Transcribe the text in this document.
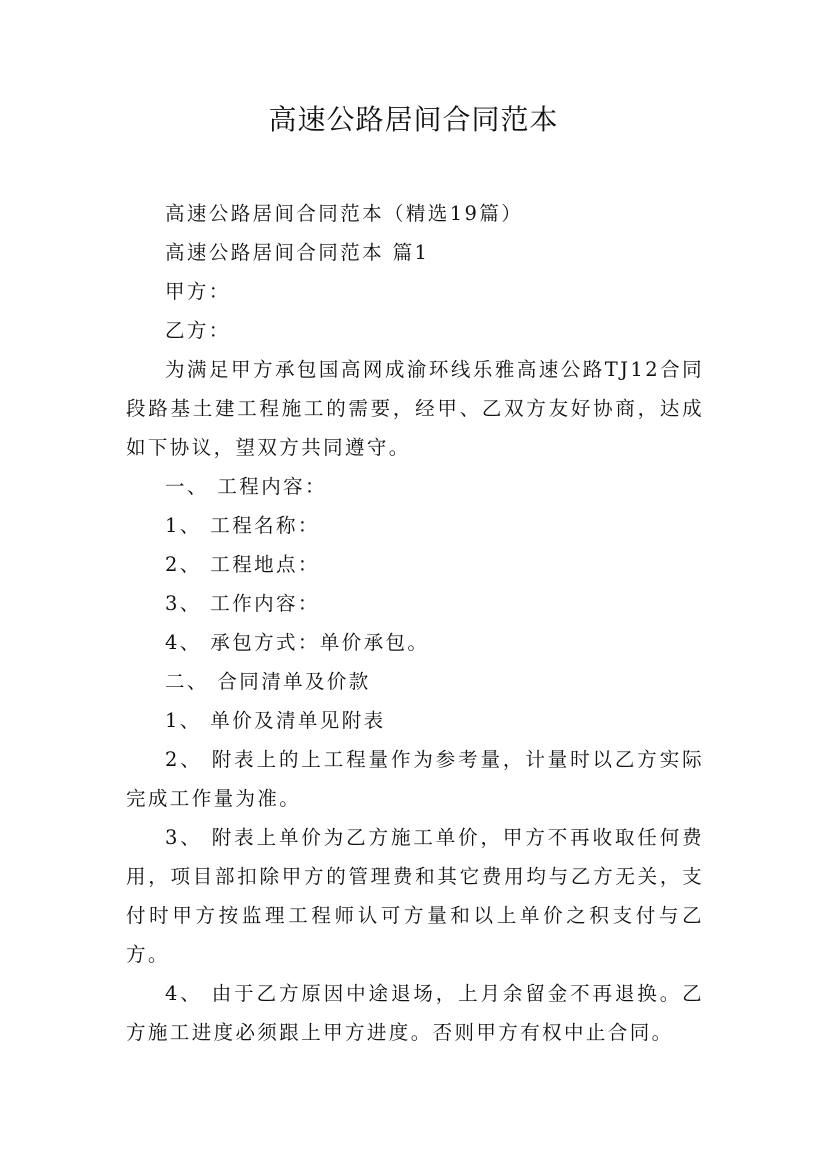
高速公路居间合同范本

高速公路居间合同范本（精选19篇）

高速公路居间合同范本 篇1

甲方：

乙方：

为满足甲方承包国高网成渝环线乐雅高速公路TJ12合同段路基土建工程施工的需要，经甲、乙双方友好协商，达成如下协议，望双方共同遵守。

一、 工程内容：

1、 工程名称：

2、 工程地点：

3、 工作内容：

4、 承包方式：单价承包。

二、 合同清单及价款

1、 单价及清单见附表

2、 附表上的上工程量作为参考量，计量时以乙方实际完成工作量为准。

3、 附表上单价为乙方施工单价，甲方不再收取任何费用，项目部扣除甲方的管理费和其它费用均与乙方无关，支付时甲方按监理工程师认可方量和以上单价之积支付与乙方。

4、 由于乙方原因中途退场，上月余留金不再退换。乙方施工进度必须跟上甲方进度。否则甲方有权中止合同。
